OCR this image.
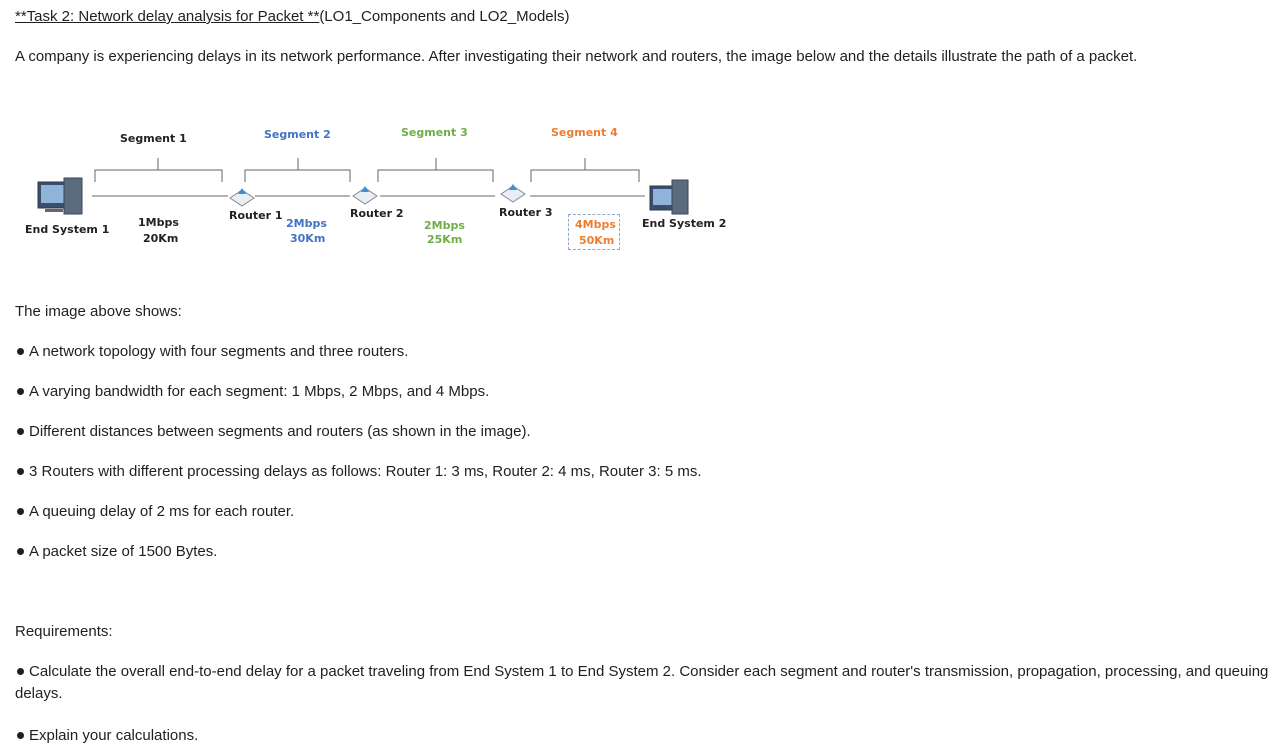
**Task 2: Network delay analysis for Packet **(LO1_Components and LO2_Models)
A company is experiencing delays in its network performance. After investigating their network and routers, the image below and the details illustrate the path of a packet.
Segment 1	Segment 2	Segment 3	Segment 4
End System 1	End System 2
Router 1	Router 2	Router 3
1Mbps
20Km
2Mbps
30Km
2Mbps
25Km
4Mbps
50Km
The image above shows:
A network topology with four segments and three routers.
A varying bandwidth for each segment: 1 Mbps, 2 Mbps, and 4 Mbps.
Different distances between segments and routers (as shown in the image).
3 Routers with different processing delays as follows: Router 1: 3 ms, Router 2: 4 ms, Router 3: 5 ms.
A queuing delay of 2 ms for each router.
A packet size of 1500 Bytes.
Requirements:
Calculate the overall end-to-end delay for a packet traveling from End System 1 to End System 2. Consider each segment and router's transmission, propagation, processing, and queuing delays.
Explain your calculations.
